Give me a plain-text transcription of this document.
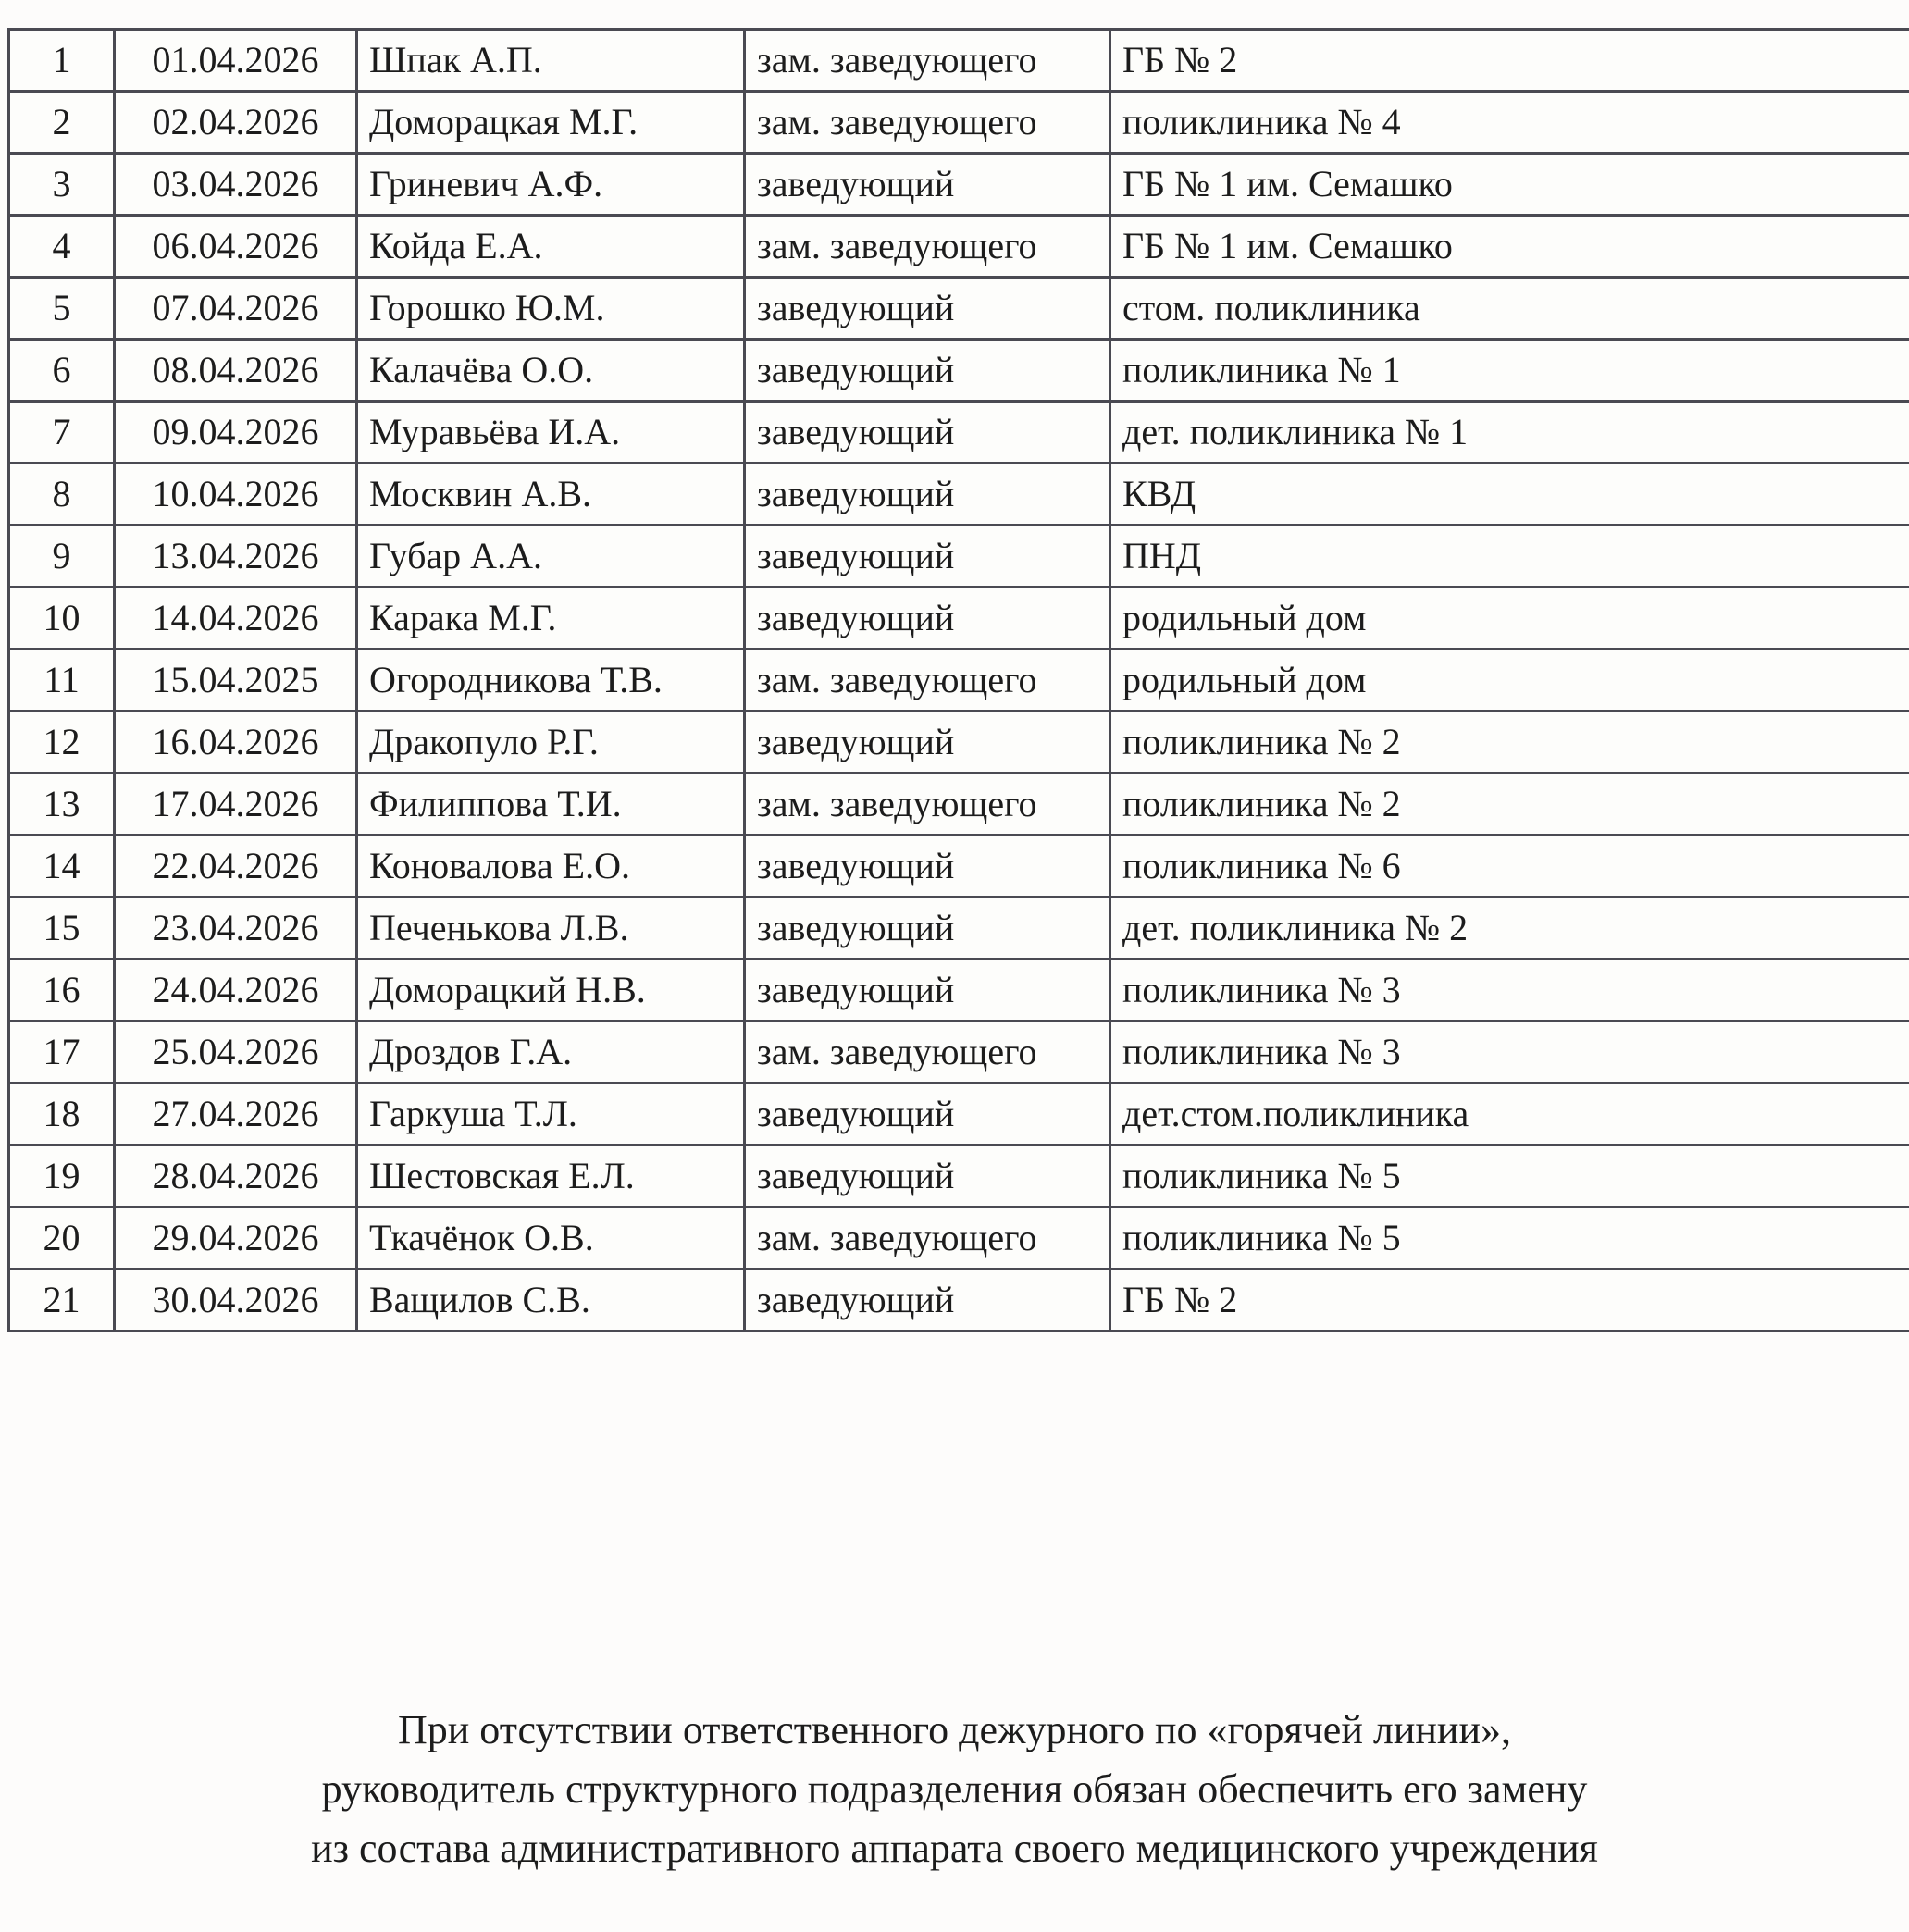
1	01.04.2026	Шпак А.П.	зам. заведующего	ГБ № 2
2	02.04.2026	Доморацкая М.Г.	зам. заведующего	поликлиника № 4
3	03.04.2026	Гриневич А.Ф.	заведующий	ГБ № 1 им. Семашко
4	06.04.2026	Койда Е.А.	зам. заведующего	ГБ № 1 им. Семашко
5	07.04.2026	Горошко Ю.М.	заведующий	стом. поликлиника
6	08.04.2026	Калачёва О.О.	заведующий	поликлиника № 1
7	09.04.2026	Муравьёва И.А.	заведующий	дет. поликлиника № 1
8	10.04.2026	Москвин А.В.	заведующий	КВД
9	13.04.2026	Губар А.А.	заведующий	ПНД
10	14.04.2026	Карака М.Г.	заведующий	родильный дом
11	15.04.2025	Огородникова Т.В.	зам. заведующего	родильный дом
12	16.04.2026	Дракопуло Р.Г.	заведующий	поликлиника № 2
13	17.04.2026	Филиппова Т.И.	зам. заведующего	поликлиника № 2
14	22.04.2026	Коновалова Е.О.	заведующий	поликлиника № 6
15	23.04.2026	Печенькова Л.В.	заведующий	дет. поликлиника № 2
16	24.04.2026	Доморацкий Н.В.	заведующий	поликлиника № 3
17	25.04.2026	Дроздов Г.А.	зам. заведующего	поликлиника № 3
18	27.04.2026	Гаркуша Т.Л.	заведующий	дет.стом.поликлиника
19	28.04.2026	Шестовская Е.Л.	заведующий	поликлиника № 5
20	29.04.2026	Ткачёнок О.В.	зам. заведующего	поликлиника № 5
21	30.04.2026	Ващилов С.В.	заведующий	ГБ № 2
При отсутствии ответственного дежурного по «горячей линии»,
руководитель структурного подразделения обязан обеспечить его замену
из состава административного аппарата своего медицинского учреждения
